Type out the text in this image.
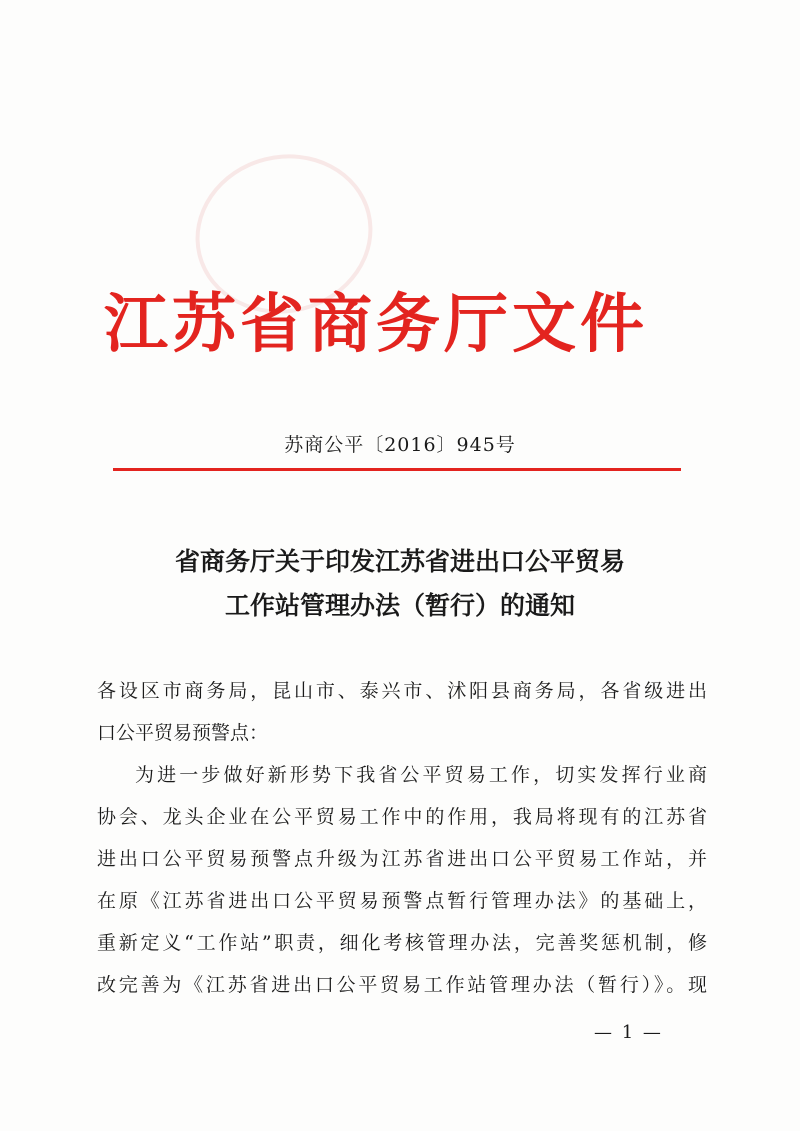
江苏省商务厅文件
苏商公平〔2016〕945号
省商务厅关于印发江苏省进出口公平贸易
工作站管理办法（暂行）的通知
各设区市商务局，昆山市、泰兴市、沭阳县商务局，各省级进出
口公平贸易预警点：
为进一步做好新形势下我省公平贸易工作，切实发挥行业商
协会、龙头企业在公平贸易工作中的作用，我局将现有的江苏省
进出口公平贸易预警点升级为江苏省进出口公平贸易工作站，并
在原《江苏省进出口公平贸易预警点暂行管理办法》的基础上，
重新定义“工作站”职责，细化考核管理办法，完善奖惩机制，修
改完善为《江苏省进出口公平贸易工作站管理办法（暂行）》。现
— 1 —
